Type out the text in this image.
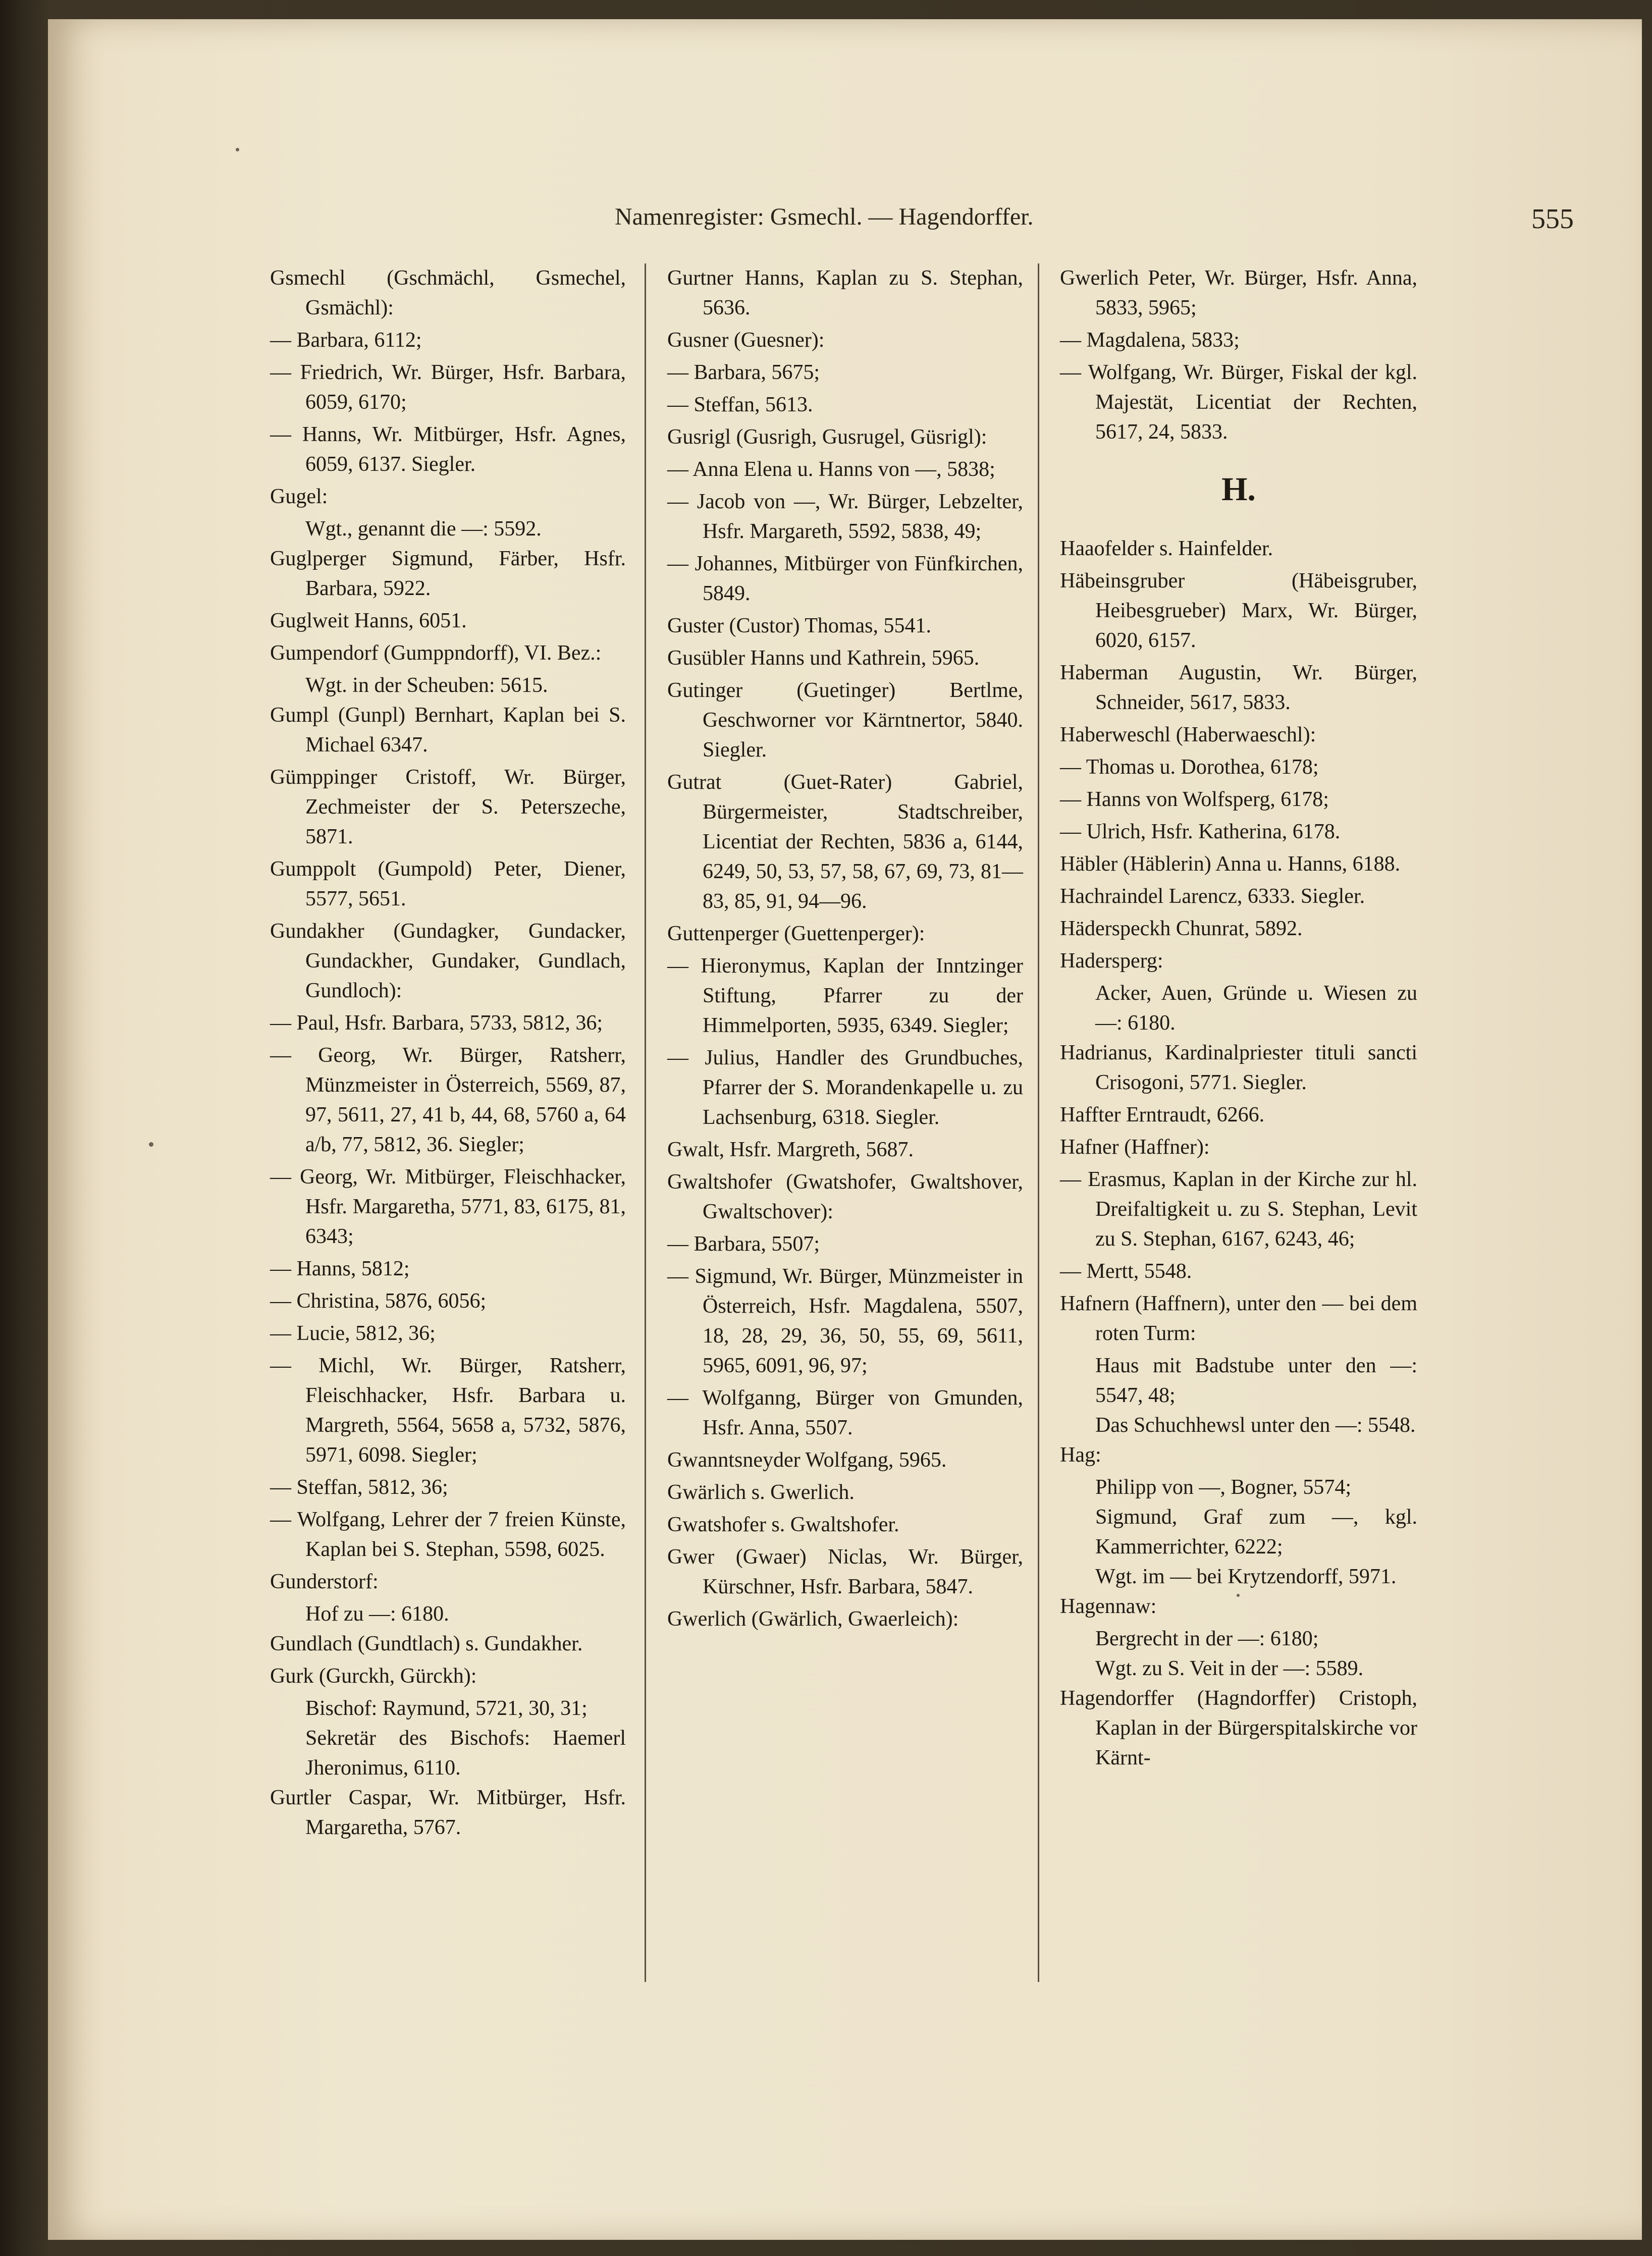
Namenregister: Gsmechl. — Hagendorffer.	555
Gsmechl (Gschmächl, Gsmechel, Gsmächl):
— Barbara, 6112;
— Friedrich, Wr. Bürger, Hsfr. Barbara, 6059, 6170;
— Hanns, Wr. Mitbürger, Hsfr. Agnes, 6059, 6137. Siegler.
Gugel:
Wgt., genannt die —: 5592.
Guglperger Sigmund, Färber, Hsfr. Barbara, 5922.
Guglweit Hanns, 6051.
Gumpendorf (Gumppndorff), VI. Bez.:
Wgt. in der Scheuben: 5615.
Gumpl (Gunpl) Bernhart, Kaplan bei S. Michael 6347.
Gümppinger Cristoff, Wr. Bürger, Zechmeister der S. Peterszeche, 5871.
Gumppolt (Gumpold) Peter, Diener, 5577, 5651.
Gundakher (Gundagker, Gundacker, Gundackher, Gundaker, Gundlach, Gundloch):
— Paul, Hsfr. Barbara, 5733, 5812, 36;
— Georg, Wr. Bürger, Ratsherr, Münzmeister in Österreich, 5569, 87, 97, 5611, 27, 41 b, 44, 68, 5760 a, 64 a/b, 77, 5812, 36. Siegler;
— Georg, Wr. Mitbürger, Fleischhacker, Hsfr. Margaretha, 5771, 83, 6175, 81, 6343;
— Hanns, 5812;
— Christina, 5876, 6056;
— Lucie, 5812, 36;
— Michl, Wr. Bürger, Ratsherr, Fleischhacker, Hsfr. Barbara u. Margreth, 5564, 5658 a, 5732, 5876, 5971, 6098. Siegler;
— Steffan, 5812, 36;
— Wolfgang, Lehrer der 7 freien Künste, Kaplan bei S. Stephan, 5598, 6025.
Gunderstorf:
Hof zu —: 6180.
Gundlach (Gundtlach) s. Gundakher.
Gurk (Gurckh, Gürckh):
Bischof: Raymund, 5721, 30, 31;
Sekretär des Bischofs: Haemerl Jheronimus, 6110.
Gurtler Caspar, Wr. Mitbürger, Hsfr. Margaretha, 5767.
Gurtner Hanns, Kaplan zu S. Stephan, 5636.
Gusner (Guesner):
— Barbara, 5675;
— Steffan, 5613.
Gusrigl (Gusrigh, Gusrugel, Güsrigl):
— Anna Elena u. Hanns von —, 5838;
— Jacob von —, Wr. Bürger, Lebzelter, Hsfr. Margareth, 5592, 5838, 49;
— Johannes, Mitbürger von Fünfkirchen, 5849.
Guster (Custor) Thomas, 5541.
Gusübler Hanns und Kathrein, 5965.
Gutinger (Guetinger) Bertlme, Geschworner vor Kärntnertor, 5840. Siegler.
Gutrat (Guet-Rater) Gabriel, Bürgermeister, Stadtschreiber, Licentiat der Rechten, 5836 a, 6144, 6249, 50, 53, 57, 58, 67, 69, 73, 81—83, 85, 91, 94—96.
Guttenperger (Guettenperger):
— Hieronymus, Kaplan der Inntzinger Stiftung, Pfarrer zu der Himmelporten, 5935, 6349. Siegler;
— Julius, Handler des Grundbuches, Pfarrer der S. Morandenkapelle u. zu Lachsenburg, 6318. Siegler.
Gwalt, Hsfr. Margreth, 5687.
Gwaltshofer (Gwatshofer, Gwaltshover, Gwaltschover):
— Barbara, 5507;
— Sigmund, Wr. Bürger, Münzmeister in Österreich, Hsfr. Magdalena, 5507, 18, 28, 29, 36, 50, 55, 69, 5611, 5965, 6091, 96, 97;
— Wolfganng, Bürger von Gmunden, Hsfr. Anna, 5507.
Gwanntsneyder Wolfgang, 5965.
Gwärlich s. Gwerlich.
Gwatshofer s. Gwaltshofer.
Gwer (Gwaer) Niclas, Wr. Bürger, Kürschner, Hsfr. Barbara, 5847.
Gwerlich (Gwärlich, Gwaerleich):
Gwerlich Peter, Wr. Bürger, Hsfr. Anna, 5833, 5965;
— Magdalena, 5833;
— Wolfgang, Wr. Bürger, Fiskal der kgl. Majestät, Licentiat der Rechten, 5617, 24, 5833.
H.
Haaofelder s. Hainfelder.
Häbeinsgruber (Häbeisgruber, Heibesgrueber) Marx, Wr. Bürger, 6020, 6157.
Haberman Augustin, Wr. Bürger, Schneider, 5617, 5833.
Haberweschl (Haberwaeschl):
— Thomas u. Dorothea, 6178;
— Hanns von Wolfsperg, 6178;
— Ulrich, Hsfr. Katherina, 6178.
Häbler (Häblerin) Anna u. Hanns, 6188.
Hachraindel Larencz, 6333. Siegler.
Häderspeckh Chunrat, 5892.
Hadersperg:
Acker, Auen, Gründe u. Wiesen zu —: 6180.
Hadrianus, Kardinalpriester tituli sancti Crisogoni, 5771. Siegler.
Haffter Erntraudt, 6266.
Hafner (Haffner):
— Erasmus, Kaplan in der Kirche zur hl. Dreifaltigkeit u. zu S. Stephan, Levit zu S. Stephan, 6167, 6243, 46;
— Mertt, 5548.
Hafnern (Haffnern), unter den — bei dem roten Turm:
Haus mit Badstube unter den —: 5547, 48;
Das Schuchhewsl unter den —: 5548.
Hag:
Philipp von —, Bogner, 5574;
Sigmund, Graf zum —, kgl. Kammerrichter, 6222;
Wgt. im — bei Krytzendorff, 5971.
Hagennaw:
Bergrecht in der —: 6180;
Wgt. zu S. Veit in der —: 5589.
Hagendorffer (Hagndorffer) Cristoph, Kaplan in der Bürgerspitalskirche vor Kärnt-
